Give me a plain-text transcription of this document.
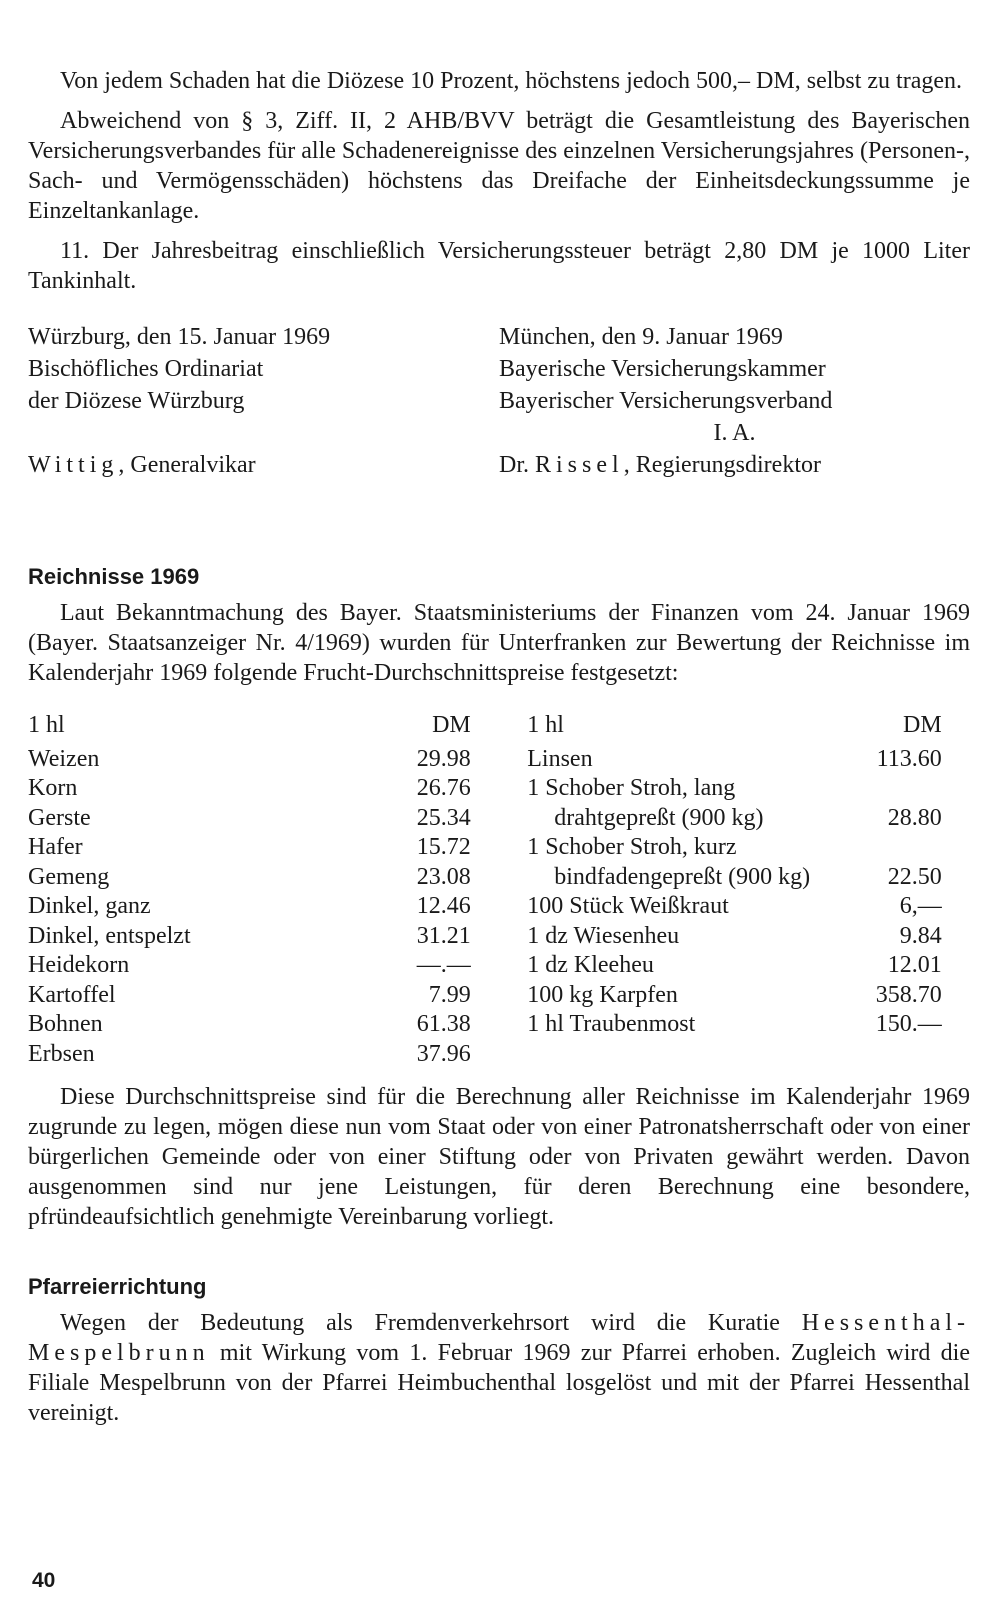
Von jedem Schaden hat die Diözese 10 Prozent, höchstens jedoch 500,– DM, selbst zu tragen.

Abweichend von § 3, Ziff. II, 2 AHB/BVV beträgt die Gesamtleistung des Bayerischen Versicherungsverbandes für alle Schadenereignisse des einzelnen Versicherungsjahres (Personen-, Sach- und Vermögensschäden) höchstens das Dreifache der Einheitsdeckungssumme je Einzeltankanlage.

11. Der Jahresbeitrag einschließlich Versicherungssteuer beträgt 2,80 DM je 1000 Liter Tankinhalt.

Würzburg, den 15. Januar 1969
Bischöfliches Ordinariat
der Diözese Würzburg
Wittig, Generalvikar
München, den 9. Januar 1969
Bayerische Versicherungskammer
Bayerischer Versicherungsverband
I. A.
Dr. Rissel, Regierungsdirektor
Reichnisse 1969

Laut Bekanntmachung des Bayer. Staatsministeriums der Finanzen vom 24. Januar 1969 (Bayer. Staatsanzeiger Nr. 4/1969) wurden für Unterfranken zur Bewertung der Reichnisse im Kalenderjahr 1969 folgende Frucht-Durchschnittspreise festgesetzt:

1 hl	DM
Weizen	29.98
Korn	26.76
Gerste	25.34
Hafer	15.72
Gemeng	23.08
Dinkel, ganz	12.46
Dinkel, entspelzt	31.21
Heidekorn	—.—
Kartoffel	7.99
Bohnen	61.38
Erbsen	37.96
1 hl	DM
Linsen	113.60
1 Schober Stroh, lang
drahtgepreßt (900 kg)	28.80
1 Schober Stroh, kurz
bindfadengepreßt (900 kg)	22.50
100 Stück Weißkraut	6,—
1 dz Wiesenheu	9.84
1 dz Kleeheu	12.01
100 kg Karpfen	358.70
1 hl Traubenmost	150.—

Diese Durchschnittspreise sind für die Berechnung aller Reichnisse im Kalenderjahr 1969 zugrunde zu legen, mögen diese nun vom Staat oder von einer Patronatsherrschaft oder von einer bürgerlichen Gemeinde oder von einer Stiftung oder von Privaten gewährt werden. Davon ausgenommen sind nur jene Leistungen, für deren Berechnung eine besondere, pfründeaufsichtlich genehmigte Vereinbarung vorliegt.

Pfarreierrichtung

Wegen der Bedeutung als Fremdenverkehrsort wird die Kuratie Hessenthal-Mespelbrunn mit Wirkung vom 1. Februar 1969 zur Pfarrei erhoben. Zugleich wird die Filiale Mespelbrunn von der Pfarrei Heimbuchenthal losgelöst und mit der Pfarrei Hessenthal vereinigt.

40
